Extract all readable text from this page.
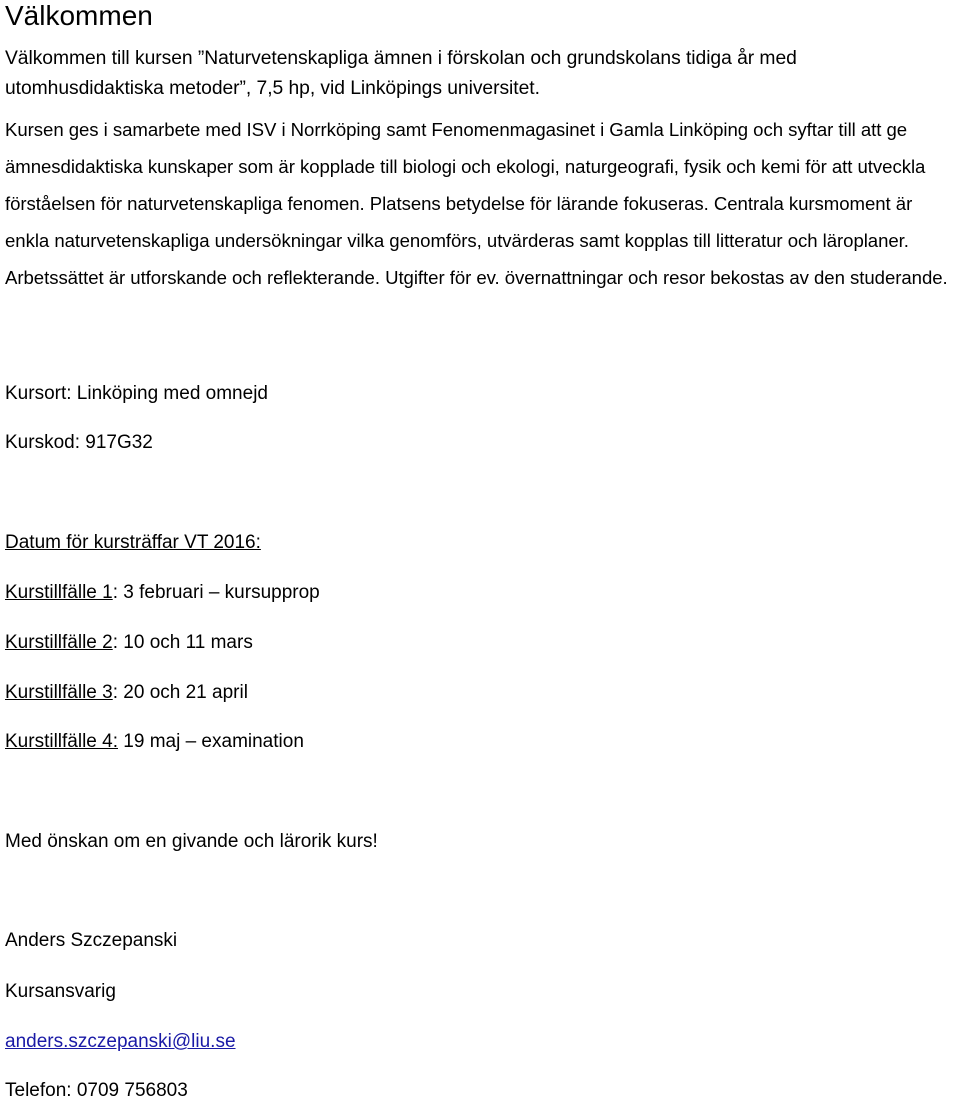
Välkommen

Välkommen till kursen ”Naturvetenskapliga ämnen i förskolan och grundskolans tidiga år med utomhusdidaktiska metoder”, 7,5 hp, vid Linköpings universitet.

Kursen ges i samarbete med ISV i Norrköping samt Fenomenmagasinet i Gamla Linköping och syftar till att ge ämnesdidaktiska kunskaper som är kopplade till biologi och ekologi, naturgeografi, fysik och kemi för att utveckla förståelsen för naturvetenskapliga fenomen. Platsens betydelse för lärande fokuseras. Centrala kursmoment är enkla naturvetenskapliga undersökningar vilka genomförs, utvärderas samt kopplas till litteratur och läroplaner. Arbetssättet är utforskande och reflekterande. Utgifter för ev. övernattningar och resor bekostas av den studerande.

Kursort: Linköping med omnejd

Kurskod: 917G32

Datum för kursträffar VT 2016:

Kurstillfälle 1: 3 februari – kursupprop

Kurstillfälle 2: 10 och 11 mars

Kurstillfälle 3: 20 och 21 april

Kurstillfälle 4: 19 maj – examination

Med önskan om en givande och lärorik kurs!

Anders Szczepanski

Kursansvarig

anders.szczepanski@liu.se

Telefon: 0709 756803
